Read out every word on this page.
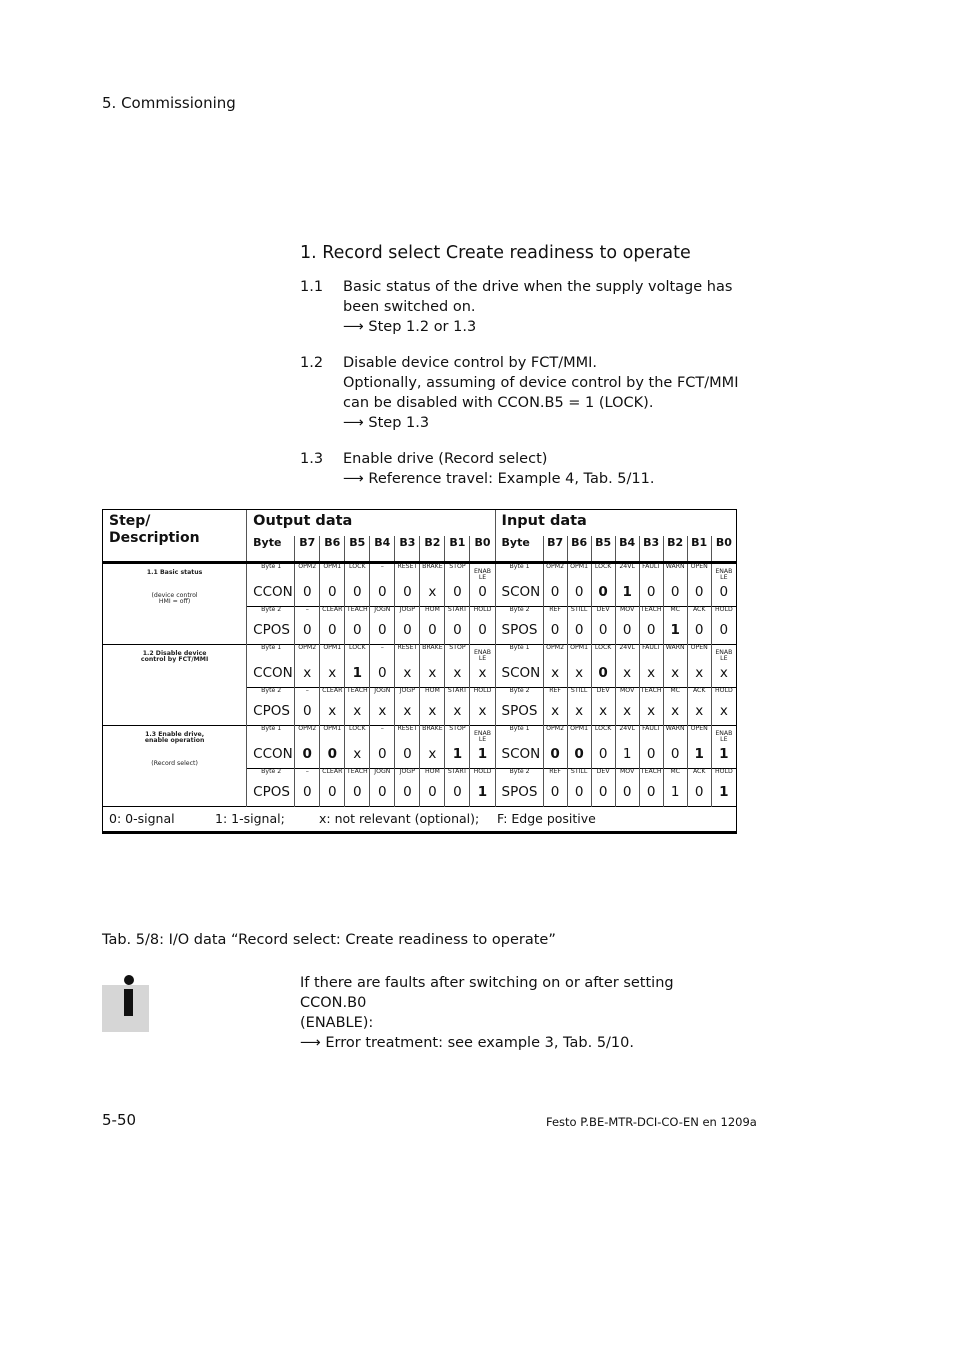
5. Commissioning
1. Record select Create readiness to operate
1.1 Basic status of the drive when the supply voltage has
been switched on.
⟶ Step 1.2 or 1.3
1.2 Disable device control by FCT/MMI.
Optionally, assuming of device control by the FCT/MMI
can be disabled with CCON.B5 = 1 (LOCK).
⟶ Step 1.3
1.3 Enable drive (Record select)
⟶ Reference travel: Example 4, Tab. 5/11.
Step/
Description	Output data									Input data								
	Byte	B7	B6	B5	B4	B3	B2	B1	B0	Byte	B7	B6	B5	B4	B3	B2	B1	B0

1.1 Basic status
(device control
HMI = off)	Byte 1	OPM2	OPM1	LOCK	–	RESET	BRAKE	STOP	ENABLE	Byte 1	OPM2	OPM1	LOCK	24VL	FAULT	WARN	OPEN	ENABLE
	CCON	0	0	0	0	0	x	0	0	SCON	0	0	0	1	0	0	0	0
	Byte 2	–	CLEAR	TEACH	JOGN	JOGP	HOM	START	HOLD	Byte 2	REF	STILL	DEV	MOV	TEACH	MC	ACK	HOLD
	CPOS	0	0	0	0	0	0	0	0	SPOS	0	0	0	0	0	1	0	0

1.2 Disable device
control by FCT/MMI	Byte 1	OPM2	OPM1	LOCK	–	RESET	BRAKE	STOP	ENABLE	Byte 1	OPM2	OPM1	LOCK	24VL	FAULT	WARN	OPEN	ENABLE
	CCON	x	x	1	0	x	x	x	x	SCON	x	x	0	x	x	x	x	x
	Byte 2	–	CLEAR	TEACH	JOGN	JOGP	HOM	START	HOLD	Byte 2	REF	STILL	DEV	MOV	TEACH	MC	ACK	HOLD
	CPOS	0	x	x	x	x	x	x	x	SPOS	x	x	x	x	x	x	x	x

1.3 Enable drive,
enable operation
(Record select)	Byte 1	OPM2	OPM1	LOCK	–	RESET	BRAKE	STOP	ENABLE	Byte 1	OPM2	OPM1	LOCK	24VL	FAULT	WARN	OPEN	ENABLE
	CCON	0	0	x	0	0	x	1	1	SCON	0	0	0	1	0	0	1	1
	Byte 2	–	CLEAR	TEACH	JOGN	JOGP	HOM	START	HOLD	Byte 2	REF	STILL	DEV	MOV	TEACH	MC	ACK	HOLD
	CPOS	0	0	0	0	0	0	0	1	SPOS	0	0	0	0	0	1	0	1

0: 0-signal 1: 1-signal; x: not relevant (optional); F: Edge positive																		
Tab. 5/8: I/O data “Record select: Create readiness to operate”
If there are faults after switching on or after setting CCON.B0
(ENABLE):
⟶ Error treatment: see example 3, Tab. 5/10.
5-50	Festo P.BE-MTR-DCI-CO-EN en 1209a
